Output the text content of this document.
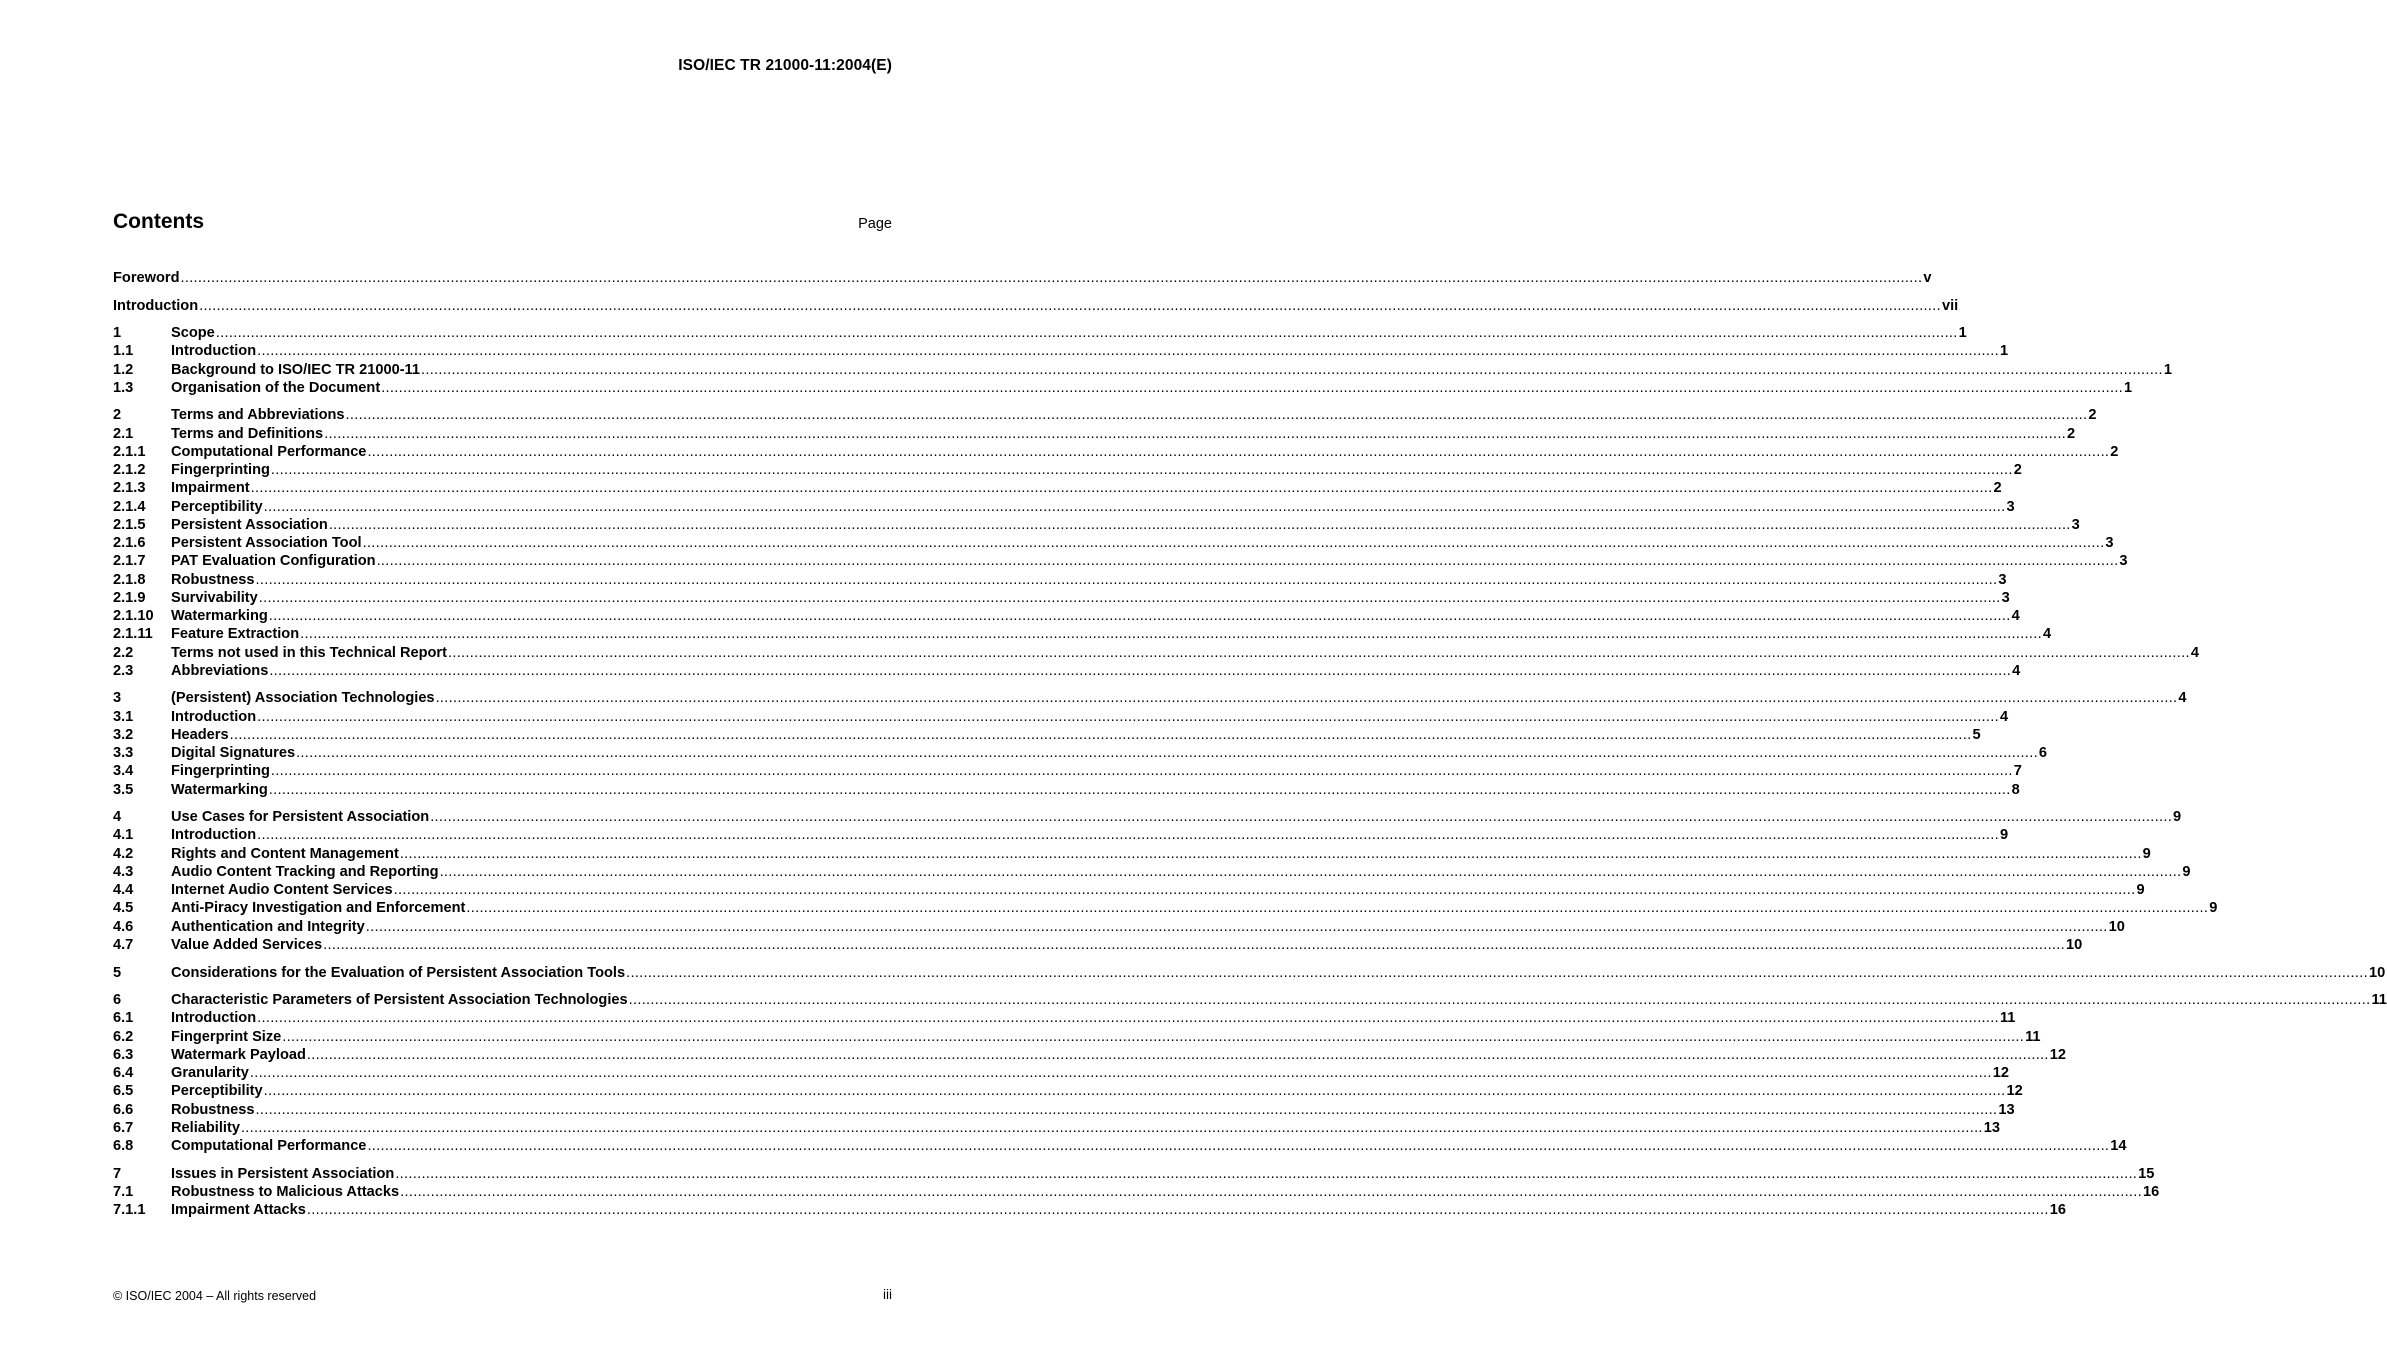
ISO/IEC TR 21000-11:2004(E)
Contents	Page
Foreword ................................................................................................................................................................................................................................................................................................................................................................................................................ v
Introduction ................................................................................................................................................................................................................................................................................................................................................................................................................ vii
1	Scope ................................................................................................................................................................................................................................................................................................................................................................................................................ 1
1.1	Introduction ................................................................................................................................................................................................................................................................................................................................................................................................................ 1
1.2	Background to ISO/IEC TR 21000-11 ................................................................................................................................................................................................................................................................................................................................................................................................................ 1
1.3	Organisation of the Document ................................................................................................................................................................................................................................................................................................................................................................................................................ 1
2	Terms and Abbreviations ................................................................................................................................................................................................................................................................................................................................................................................................................ 2
2.1	Terms and Definitions ................................................................................................................................................................................................................................................................................................................................................................................................................ 2
2.1.1	Computational Performance ................................................................................................................................................................................................................................................................................................................................................................................................................ 2
2.1.2	Fingerprinting ................................................................................................................................................................................................................................................................................................................................................................................................................ 2
2.1.3	Impairment ................................................................................................................................................................................................................................................................................................................................................................................................................ 2
2.1.4	Perceptibility ................................................................................................................................................................................................................................................................................................................................................................................................................ 3
2.1.5	Persistent Association ................................................................................................................................................................................................................................................................................................................................................................................................................ 3
2.1.6	Persistent Association Tool ................................................................................................................................................................................................................................................................................................................................................................................................................ 3
2.1.7	PAT Evaluation Configuration ................................................................................................................................................................................................................................................................................................................................................................................................................ 3
2.1.8	Robustness ................................................................................................................................................................................................................................................................................................................................................................................................................ 3
2.1.9	Survivability ................................................................................................................................................................................................................................................................................................................................................................................................................ 3
2.1.10	Watermarking ................................................................................................................................................................................................................................................................................................................................................................................................................ 4
2.1.11	Feature Extraction ................................................................................................................................................................................................................................................................................................................................................................................................................ 4
2.2	Terms not used in this Technical Report ................................................................................................................................................................................................................................................................................................................................................................................................................ 4
2.3	Abbreviations ................................................................................................................................................................................................................................................................................................................................................................................................................ 4
3	(Persistent) Association Technologies ................................................................................................................................................................................................................................................................................................................................................................................................................ 4
3.1	Introduction ................................................................................................................................................................................................................................................................................................................................................................................................................ 4
3.2	Headers ................................................................................................................................................................................................................................................................................................................................................................................................................ 5
3.3	Digital Signatures ................................................................................................................................................................................................................................................................................................................................................................................................................ 6
3.4	Fingerprinting ................................................................................................................................................................................................................................................................................................................................................................................................................ 7
3.5	Watermarking ................................................................................................................................................................................................................................................................................................................................................................................................................ 8
4	Use Cases for Persistent Association ................................................................................................................................................................................................................................................................................................................................................................................................................ 9
4.1	Introduction ................................................................................................................................................................................................................................................................................................................................................................................................................ 9
4.2	Rights and Content Management ................................................................................................................................................................................................................................................................................................................................................................................................................ 9
4.3	Audio Content Tracking and Reporting ................................................................................................................................................................................................................................................................................................................................................................................................................ 9
4.4	Internet Audio Content Services ................................................................................................................................................................................................................................................................................................................................................................................................................ 9
4.5	Anti-Piracy Investigation and Enforcement ................................................................................................................................................................................................................................................................................................................................................................................................................ 9
4.6	Authentication and Integrity ................................................................................................................................................................................................................................................................................................................................................................................................................ 10
4.7	Value Added Services ................................................................................................................................................................................................................................................................................................................................................................................................................ 10
5	Considerations for the Evaluation of Persistent Association Tools ................................................................................................................................................................................................................................................................................................................................................................................................................ 10
6	Characteristic Parameters of Persistent Association Technologies ................................................................................................................................................................................................................................................................................................................................................................................................................ 11
6.1	Introduction ................................................................................................................................................................................................................................................................................................................................................................................................................ 11
6.2	Fingerprint Size ................................................................................................................................................................................................................................................................................................................................................................................................................ 11
6.3	Watermark Payload ................................................................................................................................................................................................................................................................................................................................................................................................................ 12
6.4	Granularity ................................................................................................................................................................................................................................................................................................................................................................................................................ 12
6.5	Perceptibility ................................................................................................................................................................................................................................................................................................................................................................................................................ 12
6.6	Robustness ................................................................................................................................................................................................................................................................................................................................................................................................................ 13
6.7	Reliability ................................................................................................................................................................................................................................................................................................................................................................................................................ 13
6.8	Computational Performance ................................................................................................................................................................................................................................................................................................................................................................................................................ 14
7	Issues in Persistent Association ................................................................................................................................................................................................................................................................................................................................................................................................................ 15
7.1	Robustness to Malicious Attacks ................................................................................................................................................................................................................................................................................................................................................................................................................ 16
7.1.1	Impairment Attacks ................................................................................................................................................................................................................................................................................................................................................................................................................ 16
© ISO/IEC 2004 – All rights reserved	iii
